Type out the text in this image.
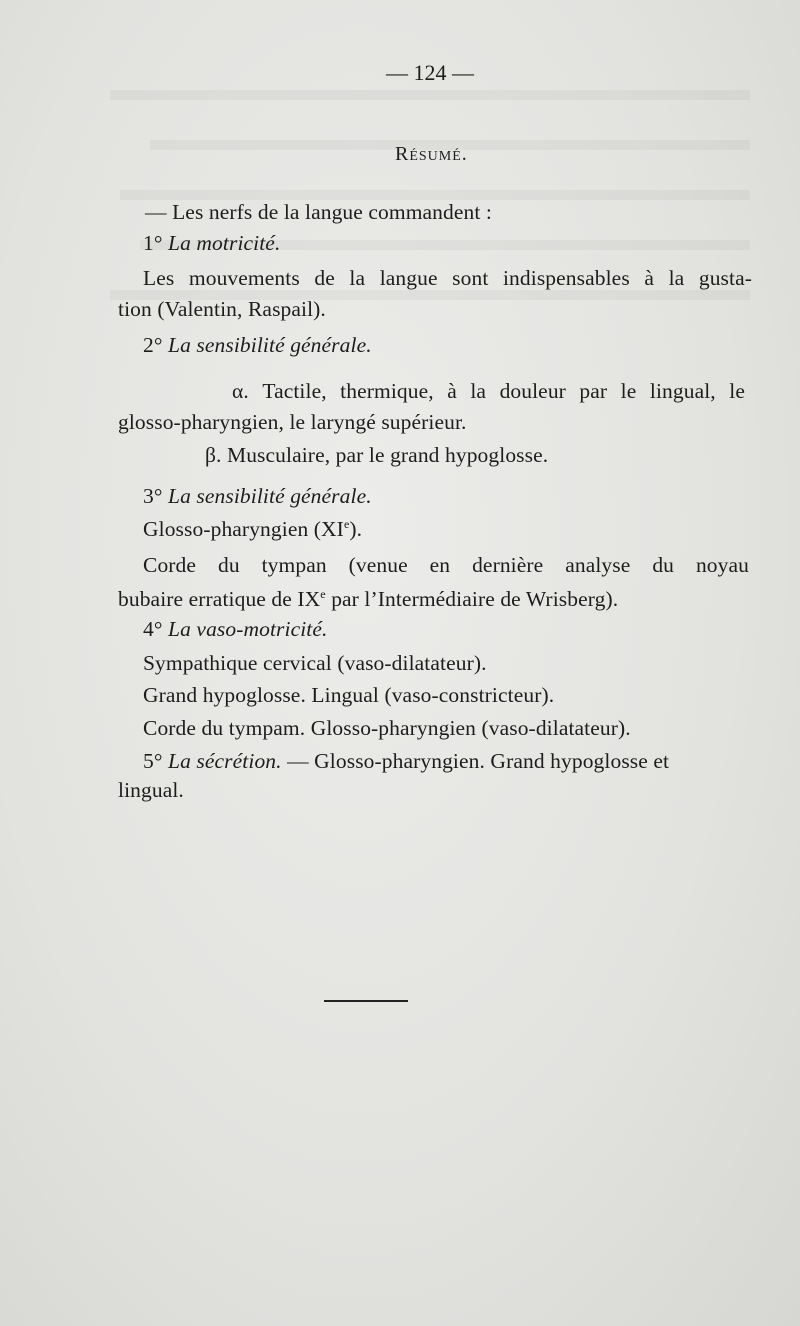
— 124 —
Résumé.
— Les nerfs de la langue commandent :
1° La motricité.
Les mouvements de la langue sont indispensables à la gusta-
tion (Valentin, Raspail).
2° La sensibilité générale.
α. Tactile, thermique, à la douleur par le lingual, le
glosso-pharyngien, le laryngé supérieur.
β. Musculaire, par le grand hypoglosse.
3° La sensibilité générale.
Glosso-pharyngien (XIe).
Corde du tympan (venue en dernière analyse du noyau
bubaire erratique de IXe par l’Intermédiaire de Wrisberg).
4° La vaso-motricité.
Sympathique cervical (vaso-dilatateur).
Grand hypoglosse. Lingual (vaso-constricteur).
Corde du tympam. Glosso-pharyngien (vaso-dilatateur).
5° La sécrétion. — Glosso-pharyngien. Grand hypoglosse et
lingual.
